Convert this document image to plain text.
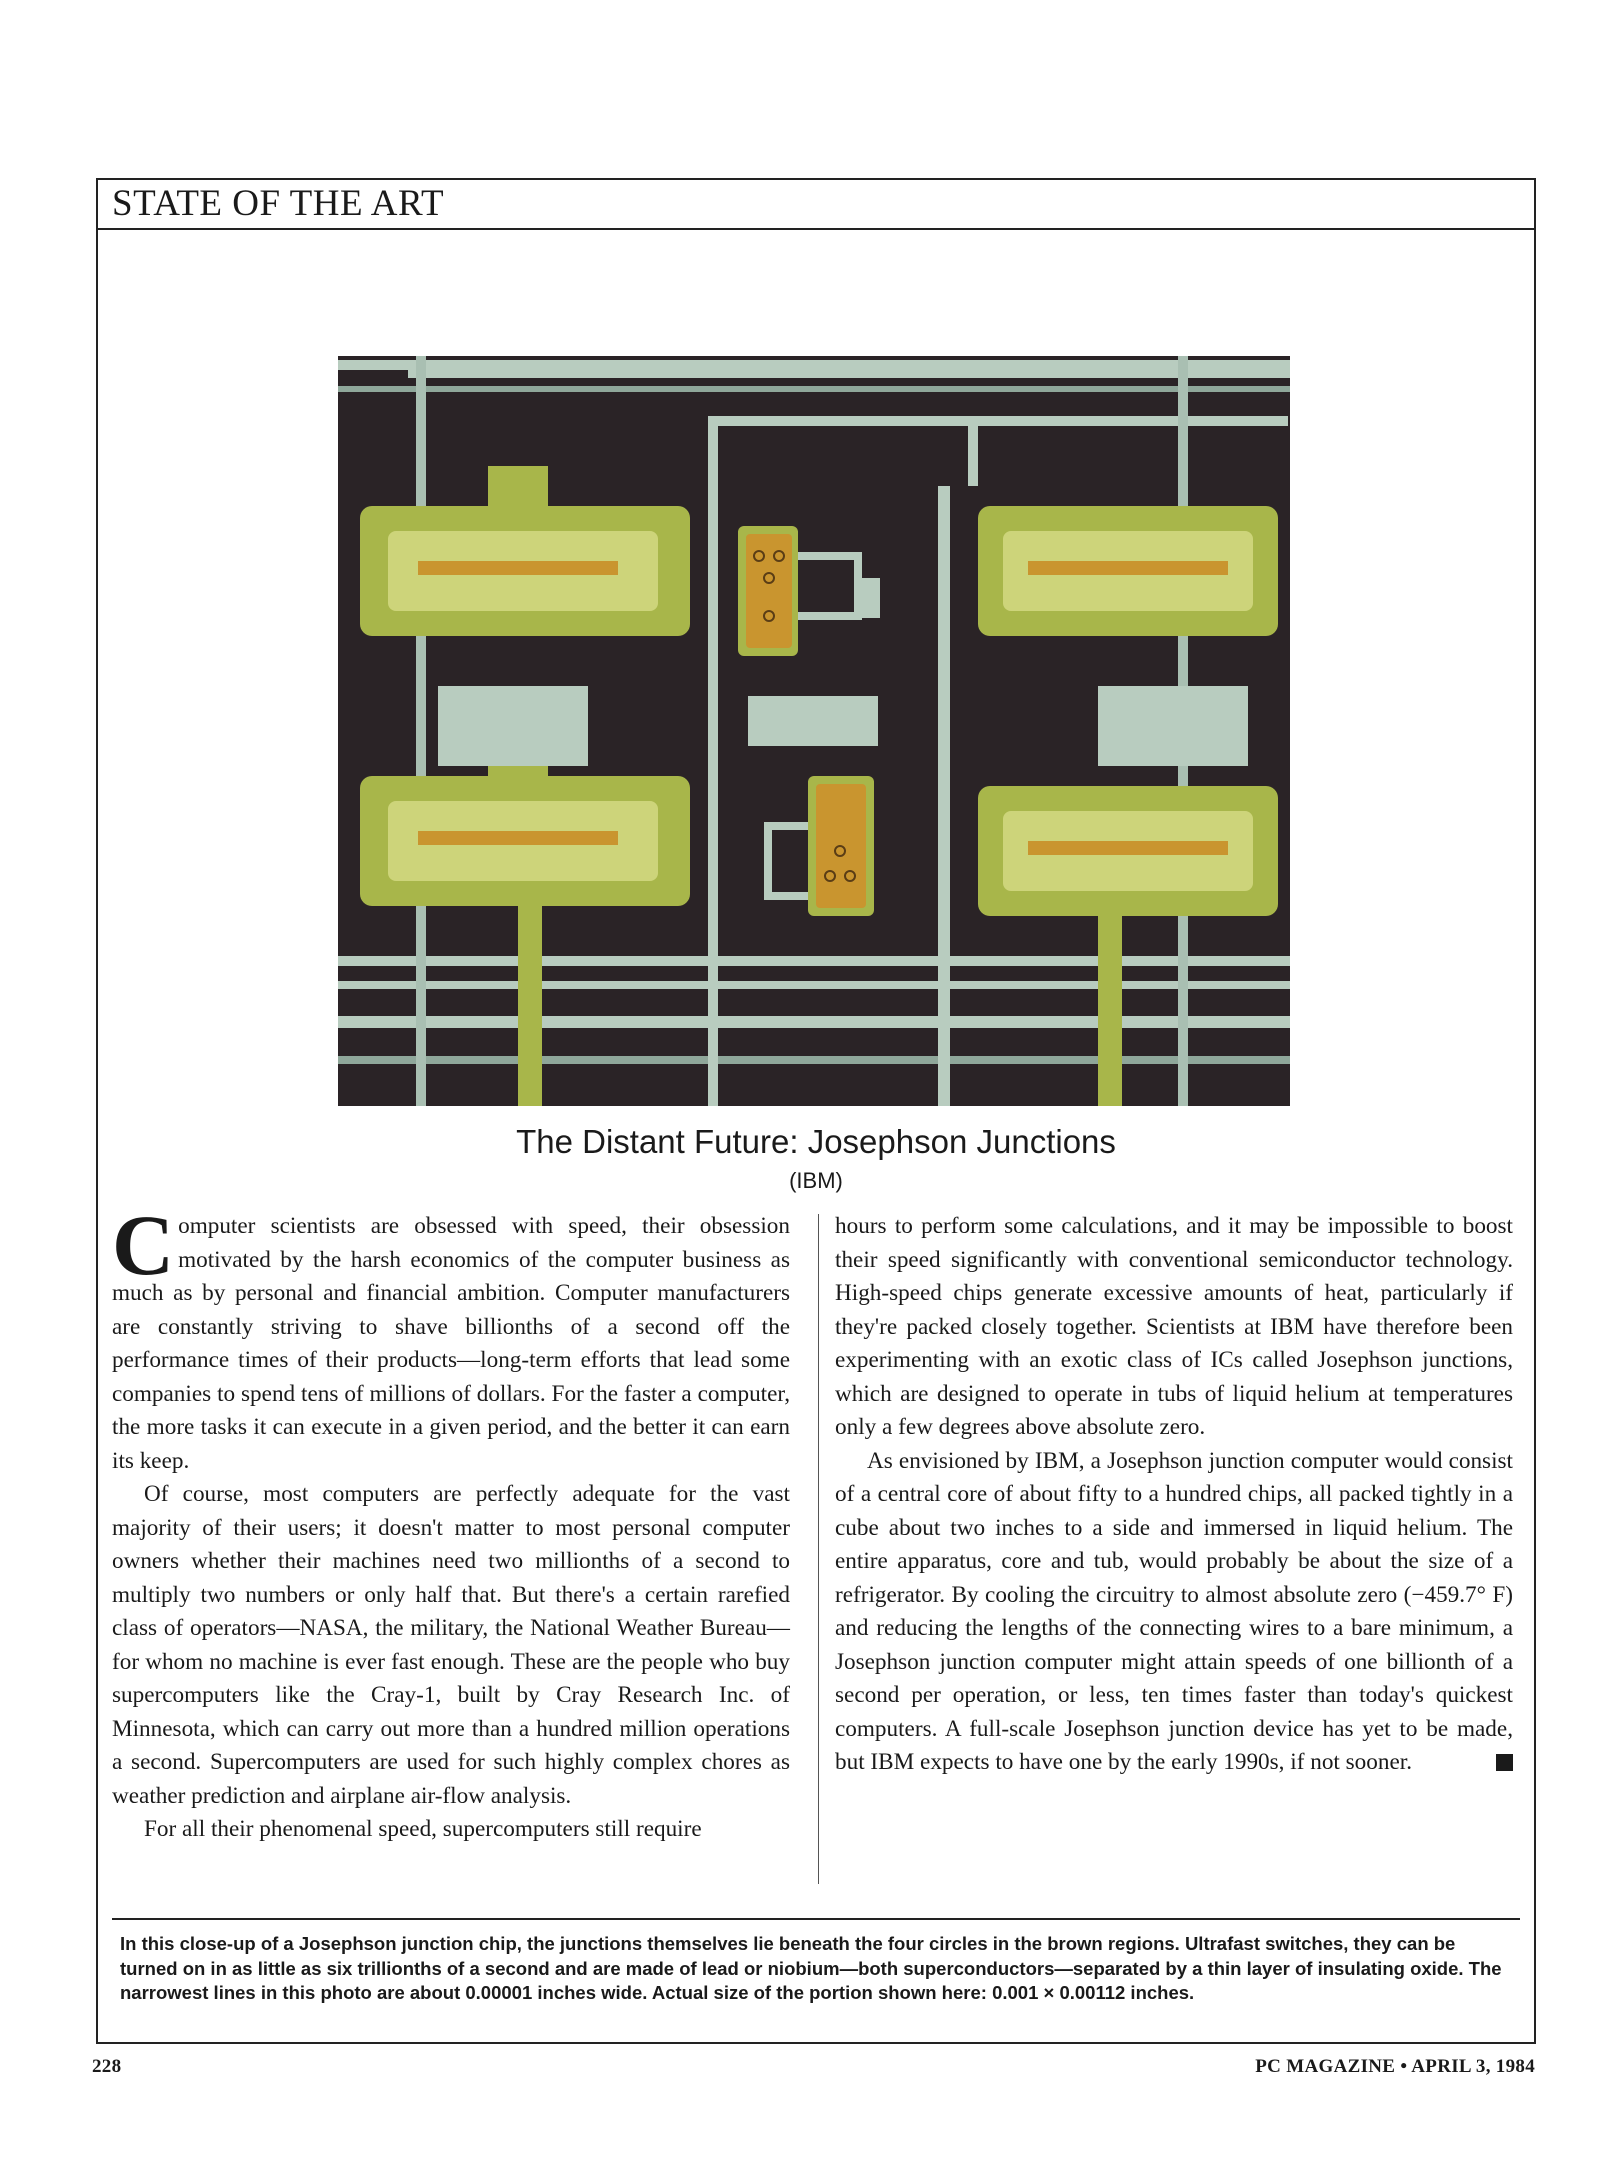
STATE OF THE ART
The Distant Future: Josephson Junctions
(IBM)

Computer scientists are obsessed with speed, their obsession motivated by the harsh economics of the computer business as much as by personal and financial ambition. Computer manufacturers are constantly striving to shave billionths of a second off the performance times of their products—long-term efforts that lead some companies to spend tens of millions of dollars. For the faster a computer, the more tasks it can execute in a given period, and the better it can earn its keep.

Of course, most computers are perfectly adequate for the vast majority of their users; it doesn't matter to most personal computer owners whether their machines need two millionths of a second to multiply two numbers or only half that. But there's a certain rarefied class of operators—NASA, the military, the National Weather Bureau—for whom no machine is ever fast enough. These are the people who buy supercomputers like the Cray-1, built by Cray Research Inc. of Minnesota, which can carry out more than a hundred million operations a second. Supercomputers are used for such highly complex chores as weather prediction and airplane air-flow analysis.

For all their phenomenal speed, supercomputers still require

hours to perform some calculations, and it may be impossible to boost their speed significantly with conventional semiconductor technology. High-speed chips generate excessive amounts of heat, particularly if they're packed closely together. Scientists at IBM have therefore been experimenting with an exotic class of ICs called Josephson junctions, which are designed to operate in tubs of liquid helium at temperatures only a few degrees above absolute zero.

As envisioned by IBM, a Josephson junction computer would consist of a central core of about fifty to a hundred chips, all packed tightly in a cube about two inches to a side and immersed in liquid helium. The entire apparatus, core and tub, would probably be about the size of a refrigerator. By cooling the circuitry to almost absolute zero (−459.7° F) and reducing the lengths of the connecting wires to a bare minimum, a Josephson junction computer might attain speeds of one billionth of a second per operation, or less, ten times faster than today's quickest computers. A full-scale Josephson junction device has yet to be made, but IBM expects to have one by the early 1990s, if not sooner.

In this close-up of a Josephson junction chip, the junctions themselves lie beneath the four circles in the brown regions. Ultrafast switches, they can be turned on in as little as six trillionths of a second and are made of lead or niobium—both superconductors—separated by a thin layer of insulating oxide. The narrowest lines in this photo are about 0.00001 inches wide. Actual size of the portion shown here: 0.001 × 0.00112 inches.
228	PC MAGAZINE • APRIL 3, 1984
